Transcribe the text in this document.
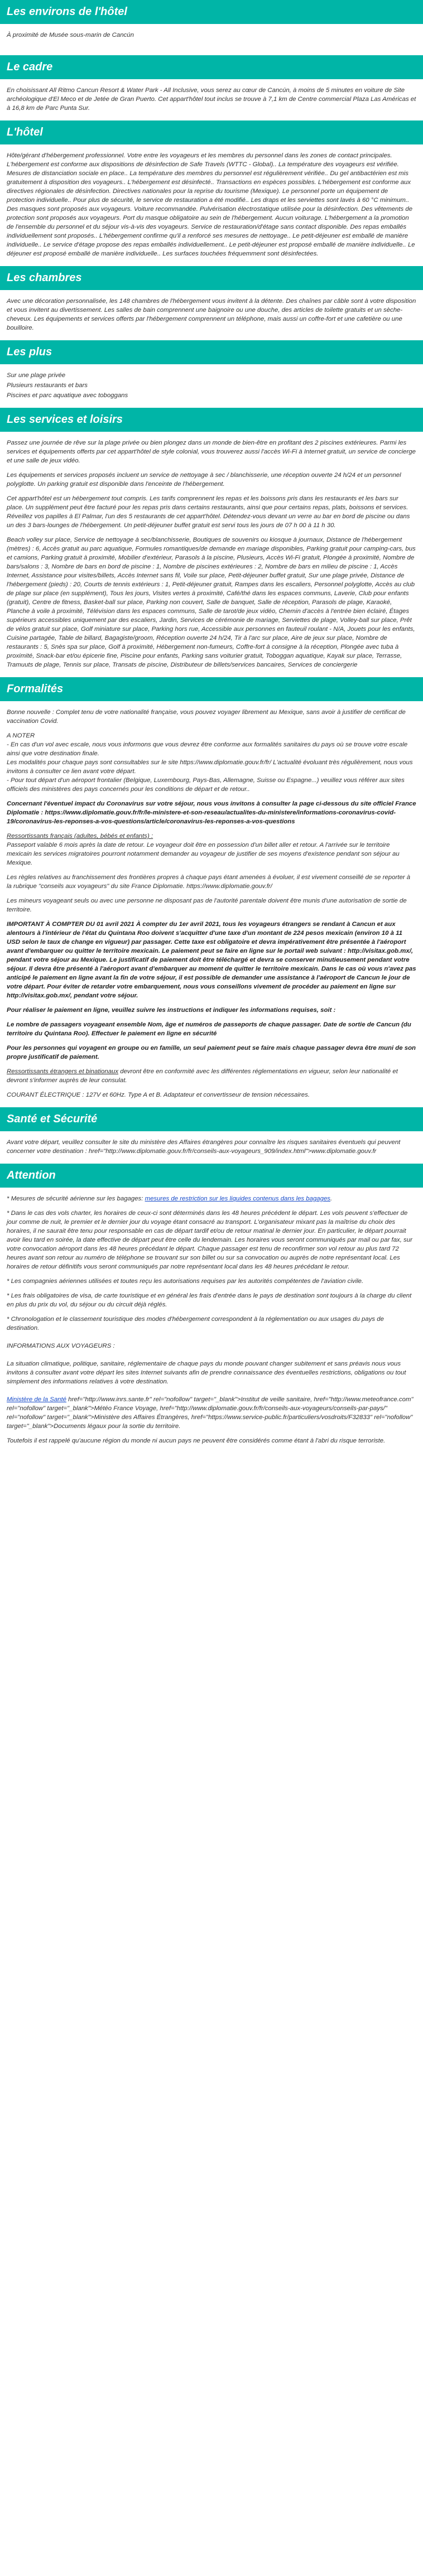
Les environs de l'hôtel

À proximité de Musée sous-marin de Cancún

Le cadre

En choisissant All Ritmo Cancun Resort & Water Park - All Inclusive, vous serez au cœur de Cancún, à moins de 5 minutes en voiture de Site archéologique d'El Meco et de Jetée de Gran Puerto. Cet appart'hôtel tout inclus se trouve à 7,1 km de Centre commercial Plaza Las Américas et à 16,8 km de Parc Punta Sur.

L'hôtel

Hôte/gérant d'hébergement professionnel. Votre entre les voyageurs et les membres du personnel dans les zones de contact principales. L'hébergement est conforme aux dispositions de désinfection de Safe Travels (WTTC - Global).. La température des voyageurs est vérifiée. Mesures de distanciation sociale en place.. La température des membres du personnel est régulièrement vérifiée.. Du gel antibactérien est mis gratuitement à disposition des voyageurs.. L'hébergement est désinfecté.. Transactions en espèces possibles. L'hébergement est conforme aux directives régionales de désinfection. Directives nationales pour la reprise du tourisme (Mexique). Le personnel porte un équipement de protection individuelle.. Pour plus de sécurité, le service de restauration a été modifié.. Les draps et les serviettes sont lavés à 60 °C minimum.. Des masques sont proposés aux voyageurs. Voiture recommandée. Pulvérisation électrostatique utilisée pour la désinfection. Des vêtements de protection sont proposés aux voyageurs. Port du masque obligatoire au sein de l'hébergement. Aucun voiturage. L'hébergement a la promotion de l'ensemble du personnel et du séjour vis-à-vis des voyageurs. Service de restauration/d'étage sans contact disponible. Des repas emballés individuellement sont proposés.. L'hébergement confirme qu'il a renforcé ses mesures de nettoyage.. Le petit-déjeuner est emballé de manière individuelle.. Le service d'étage propose des repas emballés individuellement.. Le petit-déjeuner est proposé emballé de manière individuelle.. Le déjeuner est proposé emballé de manière individuelle.. Les surfaces touchées fréquemment sont désinfectées.

Les chambres

Avec une décoration personnalisée, les 148 chambres de l'hébergement vous invitent à la détente. Des chaînes par câble sont à votre disposition et vous invitent au divertissement. Les salles de bain comprennent une baignoire ou une douche, des articles de toilette gratuits et un sèche-cheveux. Les équipements et services offerts par l'hébergement comprennent un téléphone, mais aussi un coffre-fort et une cafetière ou une bouilloire.

Les plus
Sur une plage privée
Plusieurs restaurants et bars
Piscines et parc aquatique avec toboggans
Les services et loisirs

Passez une journée de rêve sur la plage privée ou bien plongez dans un monde de bien-être en profitant des 2 piscines extérieures. Parmi les services et équipements offerts par cet appart'hôtel de style colonial, vous trouverez aussi l'accès Wi-Fi à Internet gratuit, un service de concierge et une salle de jeux vidéo.

Les équipements et services proposés incluent un service de nettoyage à sec / blanchisserie, une réception ouverte 24 h/24 et un personnel polyglotte. Un parking gratuit est disponible dans l'enceinte de l'hébergement.

Cet appart'hôtel est un hébergement tout compris. Les tarifs comprennent les repas et les boissons pris dans les restaurants et les bars sur place. Un supplément peut être facturé pour les repas pris dans certains restaurants, ainsi que pour certains repas, plats, boissons et services. Réveillez vos papilles à El Palmar, l'un des 5 restaurants de cet appart'hôtel. Détendez-vous devant un verre au bar en bord de piscine ou dans un des 3 bars-lounges de l'hébergement. Un petit-déjeuner buffet gratuit est servi tous les jours de 07 h 00 à 11 h 30.

Beach volley sur place, Service de nettoyage à sec/blanchisserie, Boutiques de souvenirs ou kiosque à journaux, Distance de l'hébergement (mètres) : 6, Accès gratuit au parc aquatique, Formules romantiques/de demande en mariage disponibles, Parking gratuit pour camping-cars, bus et camions, Parking gratuit à proximité, Mobilier d'extérieur, Parasols à la piscine, Plusieurs, Accès Wi-Fi gratuit, Plongée à proximité, Nombre de bars/salons : 3, Nombre de bars en bord de piscine : 1, Nombre de piscines extérieures : 2, Nombre de bars en milieu de piscine : 1, Accès Internet, Assistance pour visites/billets, Accès Internet sans fil, Voile sur place, Petit-déjeuner buffet gratuit, Sur une plage privée, Distance de l'hébergement (pieds) : 20, Courts de tennis extérieurs : 1, Petit-déjeuner gratuit, Rampes dans les escaliers, Personnel polyglotte, Accès au club de plage sur place (en supplément), Tous les jours, Visites vertes à proximité, Café/thé dans les espaces communs, Laverie, Club pour enfants (gratuit), Centre de fitness, Basket-ball sur place, Parking non couvert, Salle de banquet, Salle de réception, Parasols de plage, Karaoké, Planche à voile à proximité, Télévision dans les espaces communs, Salle de tarot/de jeux vidéo, Chemin d'accès à l'entrée bien éclairé, Étages supérieurs accessibles uniquement par des escaliers, Jardin, Services de cérémonie de mariage, Serviettes de plage, Volley-ball sur place, Prêt de vélos gratuit sur place, Golf miniature sur place, Parking hors rue, Accessible aux personnes en fauteuil roulant - N/A, Jouets pour les enfants, Cuisine partagée, Table de billard, Bagagiste/groom, Réception ouverte 24 h/24, Tir à l'arc sur place, Aire de jeux sur place, Nombre de restaurants : 5, Snès spa sur place, Golf à proximité, Hébergement non-fumeurs, Coffre-fort à consigne à la réception, Plongée avec tuba à proximité, Snack-bar et/ou épicerie fine, Piscine pour enfants, Parking sans voiturier gratuit, Toboggan aquatique, Kayak sur place, Terrasse, Tramuuts de plage, Tennis sur place, Transats de piscine, Distributeur de billets/services bancaires, Services de conciergerie

Formalités

Bonne nouvelle : Complet tenu de votre nationalité française, vous pouvez voyager librement au Mexique, sans avoir à justifier de certificat de vaccination Covid.

A NOTER
- En cas d'un vol avec escale, nous vous informons que vous devrez être conforme aux formalités sanitaires du pays où se trouve votre escale ainsi que votre destination finale.
Les modalités pour chaque pays sont consultables sur le site https://www.diplomatie.gouv.fr/fr/ L'actualité évoluant très régulièrement, nous vous invitons à consulter ce lien avant votre départ.
- Pour tout départ d'un aéroport frontalier (Belgique, Luxembourg, Pays-Bas, Allemagne, Suisse ou Espagne...) veuillez vous référer aux sites officiels des ministères des pays concernés pour les conditions de départ et de retour..

Concernant l'éventuel impact du Coronavirus sur votre séjour, nous vous invitons à consulter la page ci-dessous du site officiel France Diplomatie : https://www.diplomatie.gouv.fr/fr/le-ministere-et-son-reseau/actualites-du-ministere/informations-coronavirus-covid-19/coronavirus-les-reponses-a-vos-questions/article/coronavirus-les-reponses-a-vos-questions

Ressortissants français (adultes, bébés et enfants) :
Passeport valable 6 mois après la date de retour. Le voyageur doit être en possession d'un billet aller et retour. A l'arrivée sur le territoire mexicain les services migratoires pourront notamment demander au voyageur de justifier de ses moyens d'existence pendant son séjour au Mexique.

Les règles relatives au franchissement des frontières propres à chaque pays étant amenées à évoluer, il est vivement conseillé de se reporter à la rubrique "conseils aux voyageurs" du site France Diplomatie. https://www.diplomatie.gouv.fr/

Les mineurs voyageant seuls ou avec une personne ne disposant pas de l'autorité parentale doivent être munis d'une autorisation de sortie de territoire.

IMPORTANT À COMPTER DU 01 avril 2021 À compter du 1er avril 2021, tous les voyageurs étrangers se rendant à Cancun et aux alentours à l'intérieur de l'état du Quintana Roo doivent s'acquitter d'une taxe d'un montant de 224 pesos mexicain (environ 10 à 11 USD selon le taux de change en vigueur) par passager. Cette taxe est obligatoire et devra impérativement être présentée à l'aéroport avant d'embarquer ou quitter le territoire mexicain. Le paiement peut se faire en ligne sur le portail web suivant : http://visitax.gob.mx/, pendant votre séjour au Mexique. Le justificatif de paiement doit être téléchargé et devra se conserver minutieusement pendant votre séjour. Il devra être présenté à l'aéroport avant d'embarquer au moment de quitter le territoire mexicain. Dans le cas où vous n'avez pas anticipé le paiement en ligne avant la fin de votre séjour, il est possible de demander une assistance à l'aéroport de Cancun le jour de votre départ. Pour éviter de retarder votre embarquement, nous vous conseillons vivement de procéder au paiement en ligne sur http://visitax.gob.mx/, pendant votre séjour.

Pour réaliser le paiement en ligne, veuillez suivre les instructions et indiquer les informations requises, soit :

Le nombre de passagers voyageant ensemble Nom, âge et numéros de passeports de chaque passager. Date de sortie de Cancun (du territoire du Quintana Roo). Effectuer le paiement en ligne en sécurité

Pour les personnes qui voyagent en groupe ou en famille, un seul paiement peut se faire mais chaque passager devra être muni de son propre justificatif de paiement.

Ressortissants étrangers et binationaux devront être en conformité avec les différentes réglementations en vigueur, selon leur nationalité et devront s'informer auprès de leur consulat.

COURANT ÉLECTRIQUE : 127V et 60Hz. Type A et B. Adaptateur et convertisseur de tension nécessaires.

Santé et Sécurité

Avant votre départ, veuillez consulter le site du ministère des Affaires étrangères pour connaître les risques sanitaires éventuels qui peuvent concerner votre destination : href="http://www.diplomatie.gouv.fr/fr/conseils-aux-voyageurs_909/index.html">www.diplomatie.gouv.fr

Attention

* Mesures de sécurité aérienne sur les bagages: mesures de restriction sur les liquides contenus dans les bagages.

* Dans le cas des vols charter, les horaires de ceux-ci sont déterminés dans les 48 heures précédent le départ. Les vols peuvent s'effectuer de jour comme de nuit, le premier et le dernier jour du voyage étant consacré au transport. L'organisateur mixant pas la maîtrise du choix des horaires, il ne saurait être tenu pour responsable en cas de départ tardif et/ou de retour matinal le dernier jour. En particulier, le départ pourrait avoir lieu tard en soirée, la date effective de départ peut être celle du lendemain. Les horaires vous seront communiqués par mail ou par fax, sur votre convocation aéroport dans les 48 heures précédant le départ. Chaque passager est tenu de reconfirmer son vol retour au plus tard 72 heures avant son retour au numéro de téléphone se trouvant sur son billet ou sur sa convocation ou auprès de notre représentant local. Les horaires de retour définitifs vous seront communiqués par notre représentant local dans les 48 heures précédant le retour.

* Les compagnies aériennes utilisées et toutes reçu les autorisations requises par les autorités compétentes de l'aviation civile.

* Les frais obligatoires de visa, de carte touristique et en général les frais d'entrée dans le pays de destination sont toujours à la charge du client en plus du prix du vol, du séjour ou du circuit déjà réglés.

* Chronologation et le classement touristique des modes d'hébergement correspondent à la réglementation ou aux usages du pays de destination.

INFORMATIONS AUX VOYAGEURS :

La situation climatique, politique, sanitaire, réglementaire de chaque pays du monde pouvant changer subitement et sans préavis nous vous invitons à consulter avant votre départ les sites Internet suivants afin de prendre connaissance des éventuelles restrictions, obligations ou tout simplement des informations relatives à votre destination.

Ministère de la Santé href="http://www.inrs.sante.fr" rel="nofollow" target="_blank">Institut de veille sanitaire, href="http://www.meteofrance.com" rel="nofollow" target="_blank">Météo France Voyage, href="http://www.diplomatie.gouv.fr/fr/conseils-aux-voyageurs/conseils-par-pays/" rel="nofollow" target="_blank">Ministère des Affaires Étrangères, href="https://www.service-public.fr/particuliers/vosdroits/F32833" rel="nofollow" target="_blank">Documents légaux pour la sortie du territoire.

Toutefois il est rappelé qu'aucune région du monde ni aucun pays ne peuvent être considérés comme étant à l'abri du risque terroriste.
